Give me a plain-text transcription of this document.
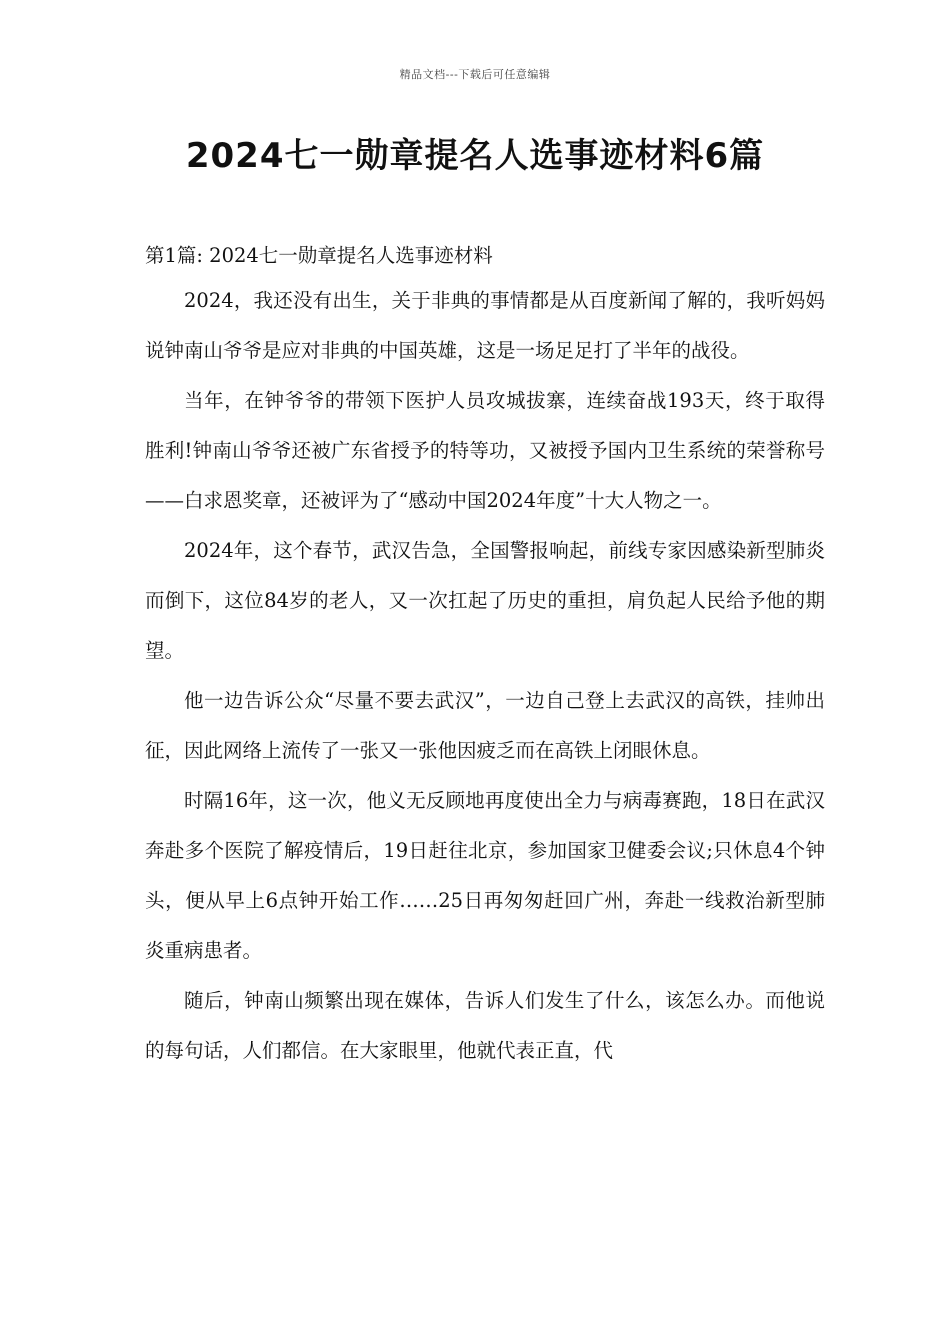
精品文档---下载后可任意编辑
2024七一勋章提名人选事迹材料6篇
第1篇: 2024七一勋章提名人选事迹材料

2024，我还没有出生，关于非典的事情都是从百度新闻了解的，我听妈妈说钟南山爷爷是应对非典的中国英雄，这是一场足足打了半年的战役。

当年，在钟爷爷的带领下医护人员攻城拔寨，连续奋战193天，终于取得胜利!钟南山爷爷还被广东省授予的特等功，又被授予国内卫生系统的荣誉称号——白求恩奖章，还被评为了“感动中国2024年度”十大人物之一。

2024年，这个春节，武汉告急，全国警报响起，前线专家因感染新型肺炎而倒下，这位84岁的老人，又一次扛起了历史的重担，肩负起人民给予他的期望。

他一边告诉公众“尽量不要去武汉”，一边自己登上去武汉的高铁，挂帅出征，因此网络上流传了一张又一张他因疲乏而在高铁上闭眼休息。

时隔16年，这一次，他义无反顾地再度使出全力与病毒赛跑，18日在武汉奔赴多个医院了解疫情后，19日赶往北京，参加国家卫健委会议;只休息4个钟头，便从早上6点钟开始工作……25日再匆匆赶回广州，奔赴一线救治新型肺炎重病患者。

随后，钟南山频繁出现在媒体，告诉人们发生了什么，该怎么办。而他说的每句话，人们都信。在大家眼里，他就代表正直，代
